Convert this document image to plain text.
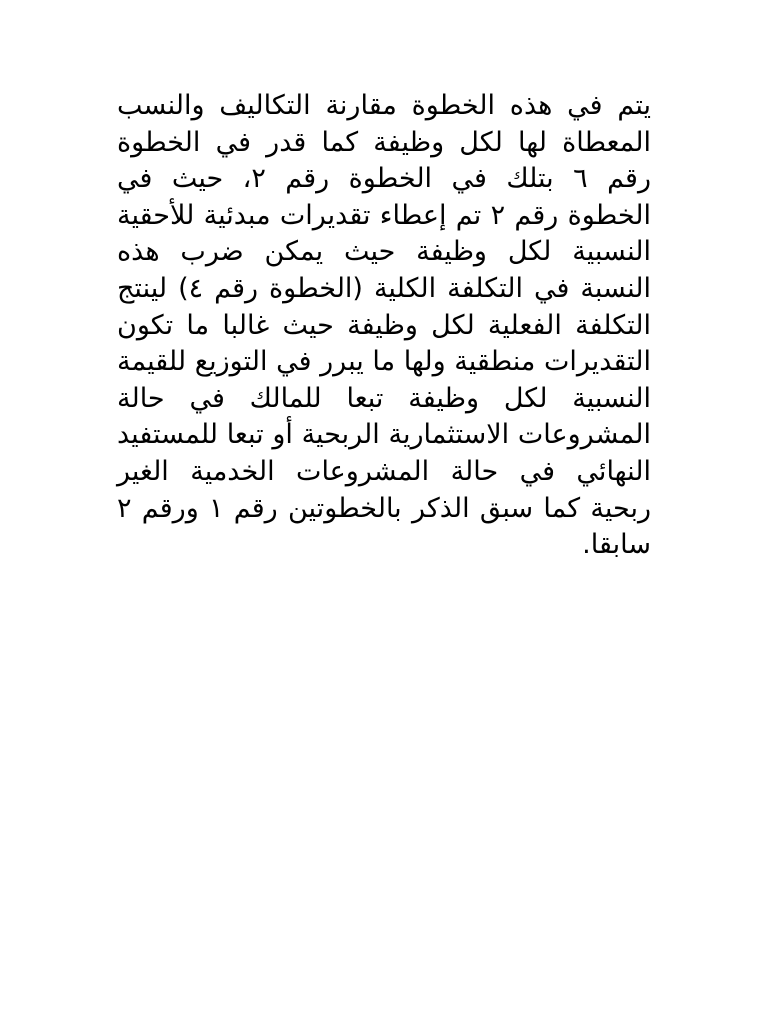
يتم في هذه الخطوة مقارنة التكاليف والنسب المعطاة لها لكل وظيفة كما قدر في الخطوة رقم ٦ بتلك في الخطوة رقم ٢، حيث في الخطوة رقم ٢ تم إعطاء تقديرات مبدئية للأحقية النسبية لكل وظيفة حيث يمكن ضرب هذه النسبة في التكلفة الكلية (الخطوة رقم ٤) لينتج التكلفة الفعلية لكل وظيفة حيث غالبا ما تكون التقديرات منطقية ولها ما يبرر في التوزيع للقيمة النسبية لكل وظيفة تبعا للمالك في حالة المشروعات الاستثمارية الربحية أو تبعا للمستفيد النهائي في حالة المشروعات الخدمية الغير ربحية كما سبق الذكر بالخطوتين رقم ١ ورقم ٢ سابقا.
